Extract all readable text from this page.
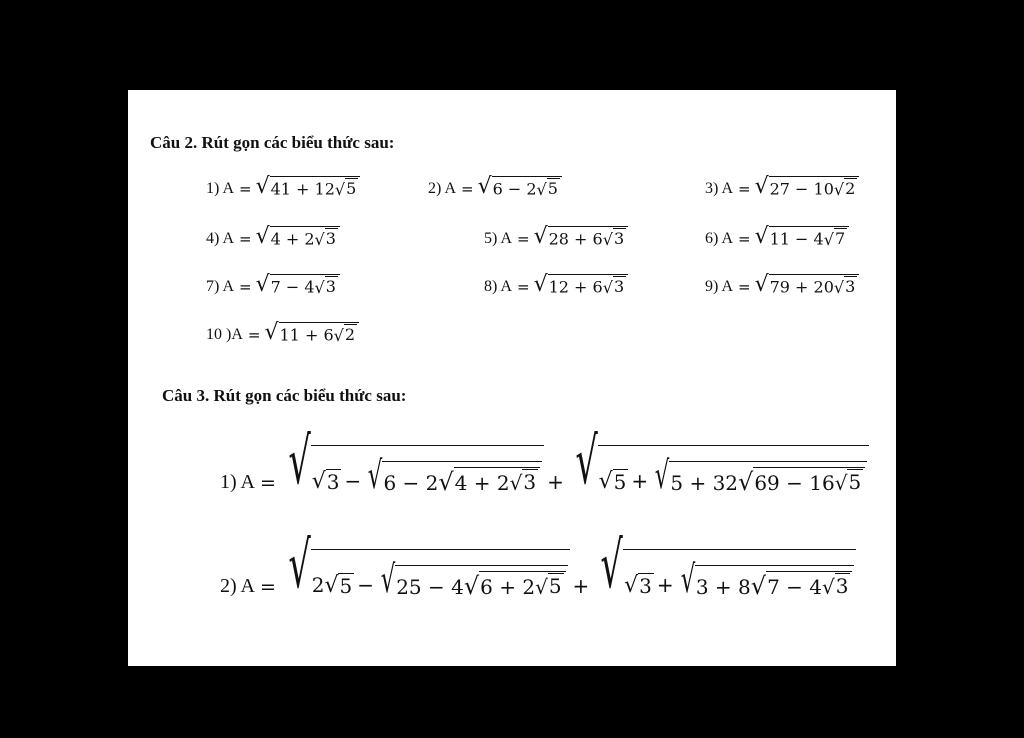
Câu 2. Rút gọn các biểu thức sau:
1) A = √ 41 + 12 √ 5	2) A = √ 6 − 2 √ 5	3) A = √ 27 − 10 √ 2
4) A = √ 4 + 2 √ 3	5) A = √ 28 + 6 √ 3	6) A = √ 11 − 4 √ 7
7) A = √ 7 − 4 √ 3	8) A = √ 12 + 6 √ 3	9) A = √ 79 + 20 √ 3
10 )A = √ 11 + 6 √ 2
Câu 3. Rút gọn các biểu thức sau:
1) A = √ √ 3 − √ 6 − 2 √ 4 + 2 √ 3 + √ √ 5 + √ 5 + 32 √ 69 − 16 √ 5
2) A = √ 2 √ 5 − √ 25 − 4 √ 6 + 2 √ 5 + √ √ 3 + √ 3 + 8 √ 7 − 4 √ 3
